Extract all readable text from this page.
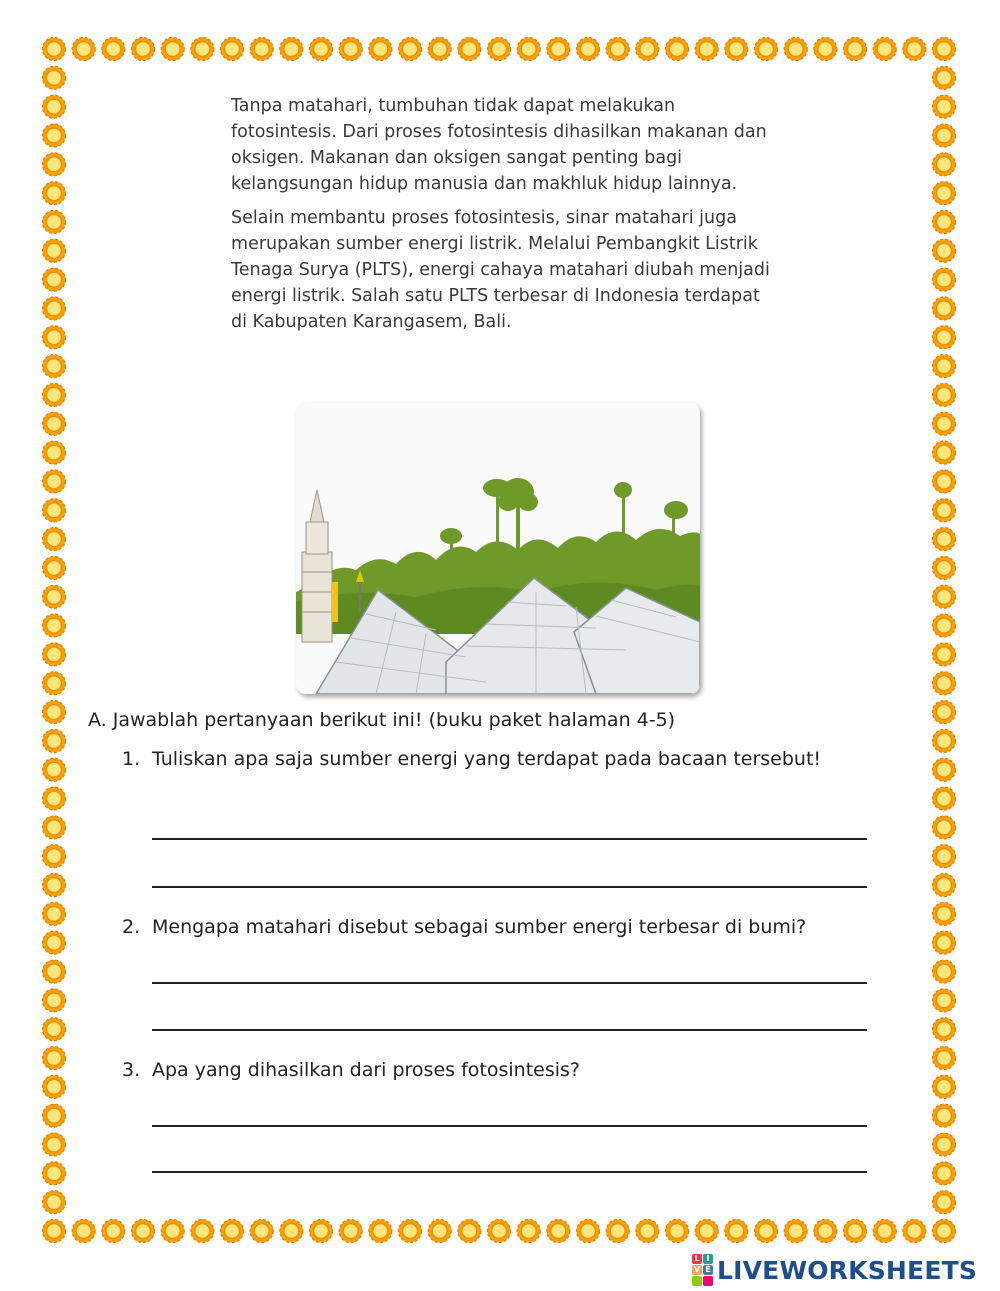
Tanpa matahari, tumbuhan tidak dapat melakukan fotosintesis. Dari proses fotosintesis dihasilkan makanan dan oksigen. Makanan dan oksigen sangat penting bagi kelangsungan hidup manusia dan makhluk hidup lainnya.

Selain membantu proses fotosintesis, sinar matahari juga merupakan sumber energi listrik. Melalui Pembangkit Listrik Tenaga Surya (PLTS), energi cahaya matahari diubah menjadi energi listrik. Salah satu PLTS terbesar di Indonesia terdapat di Kabupaten Karangasem, Bali.

A. Jawablah pertanyaan berikut ini! (buku paket halaman 4-5)
1. Tuliskan apa saja sumber energi yang terdapat pada bacaan tersebut!
2. Mengapa matahari disebut sebagai sumber energi terbesar di bumi?
3. Apa yang dihasilkan dari proses fotosintesis?
L I
V E LIVEWORKSHEETS
